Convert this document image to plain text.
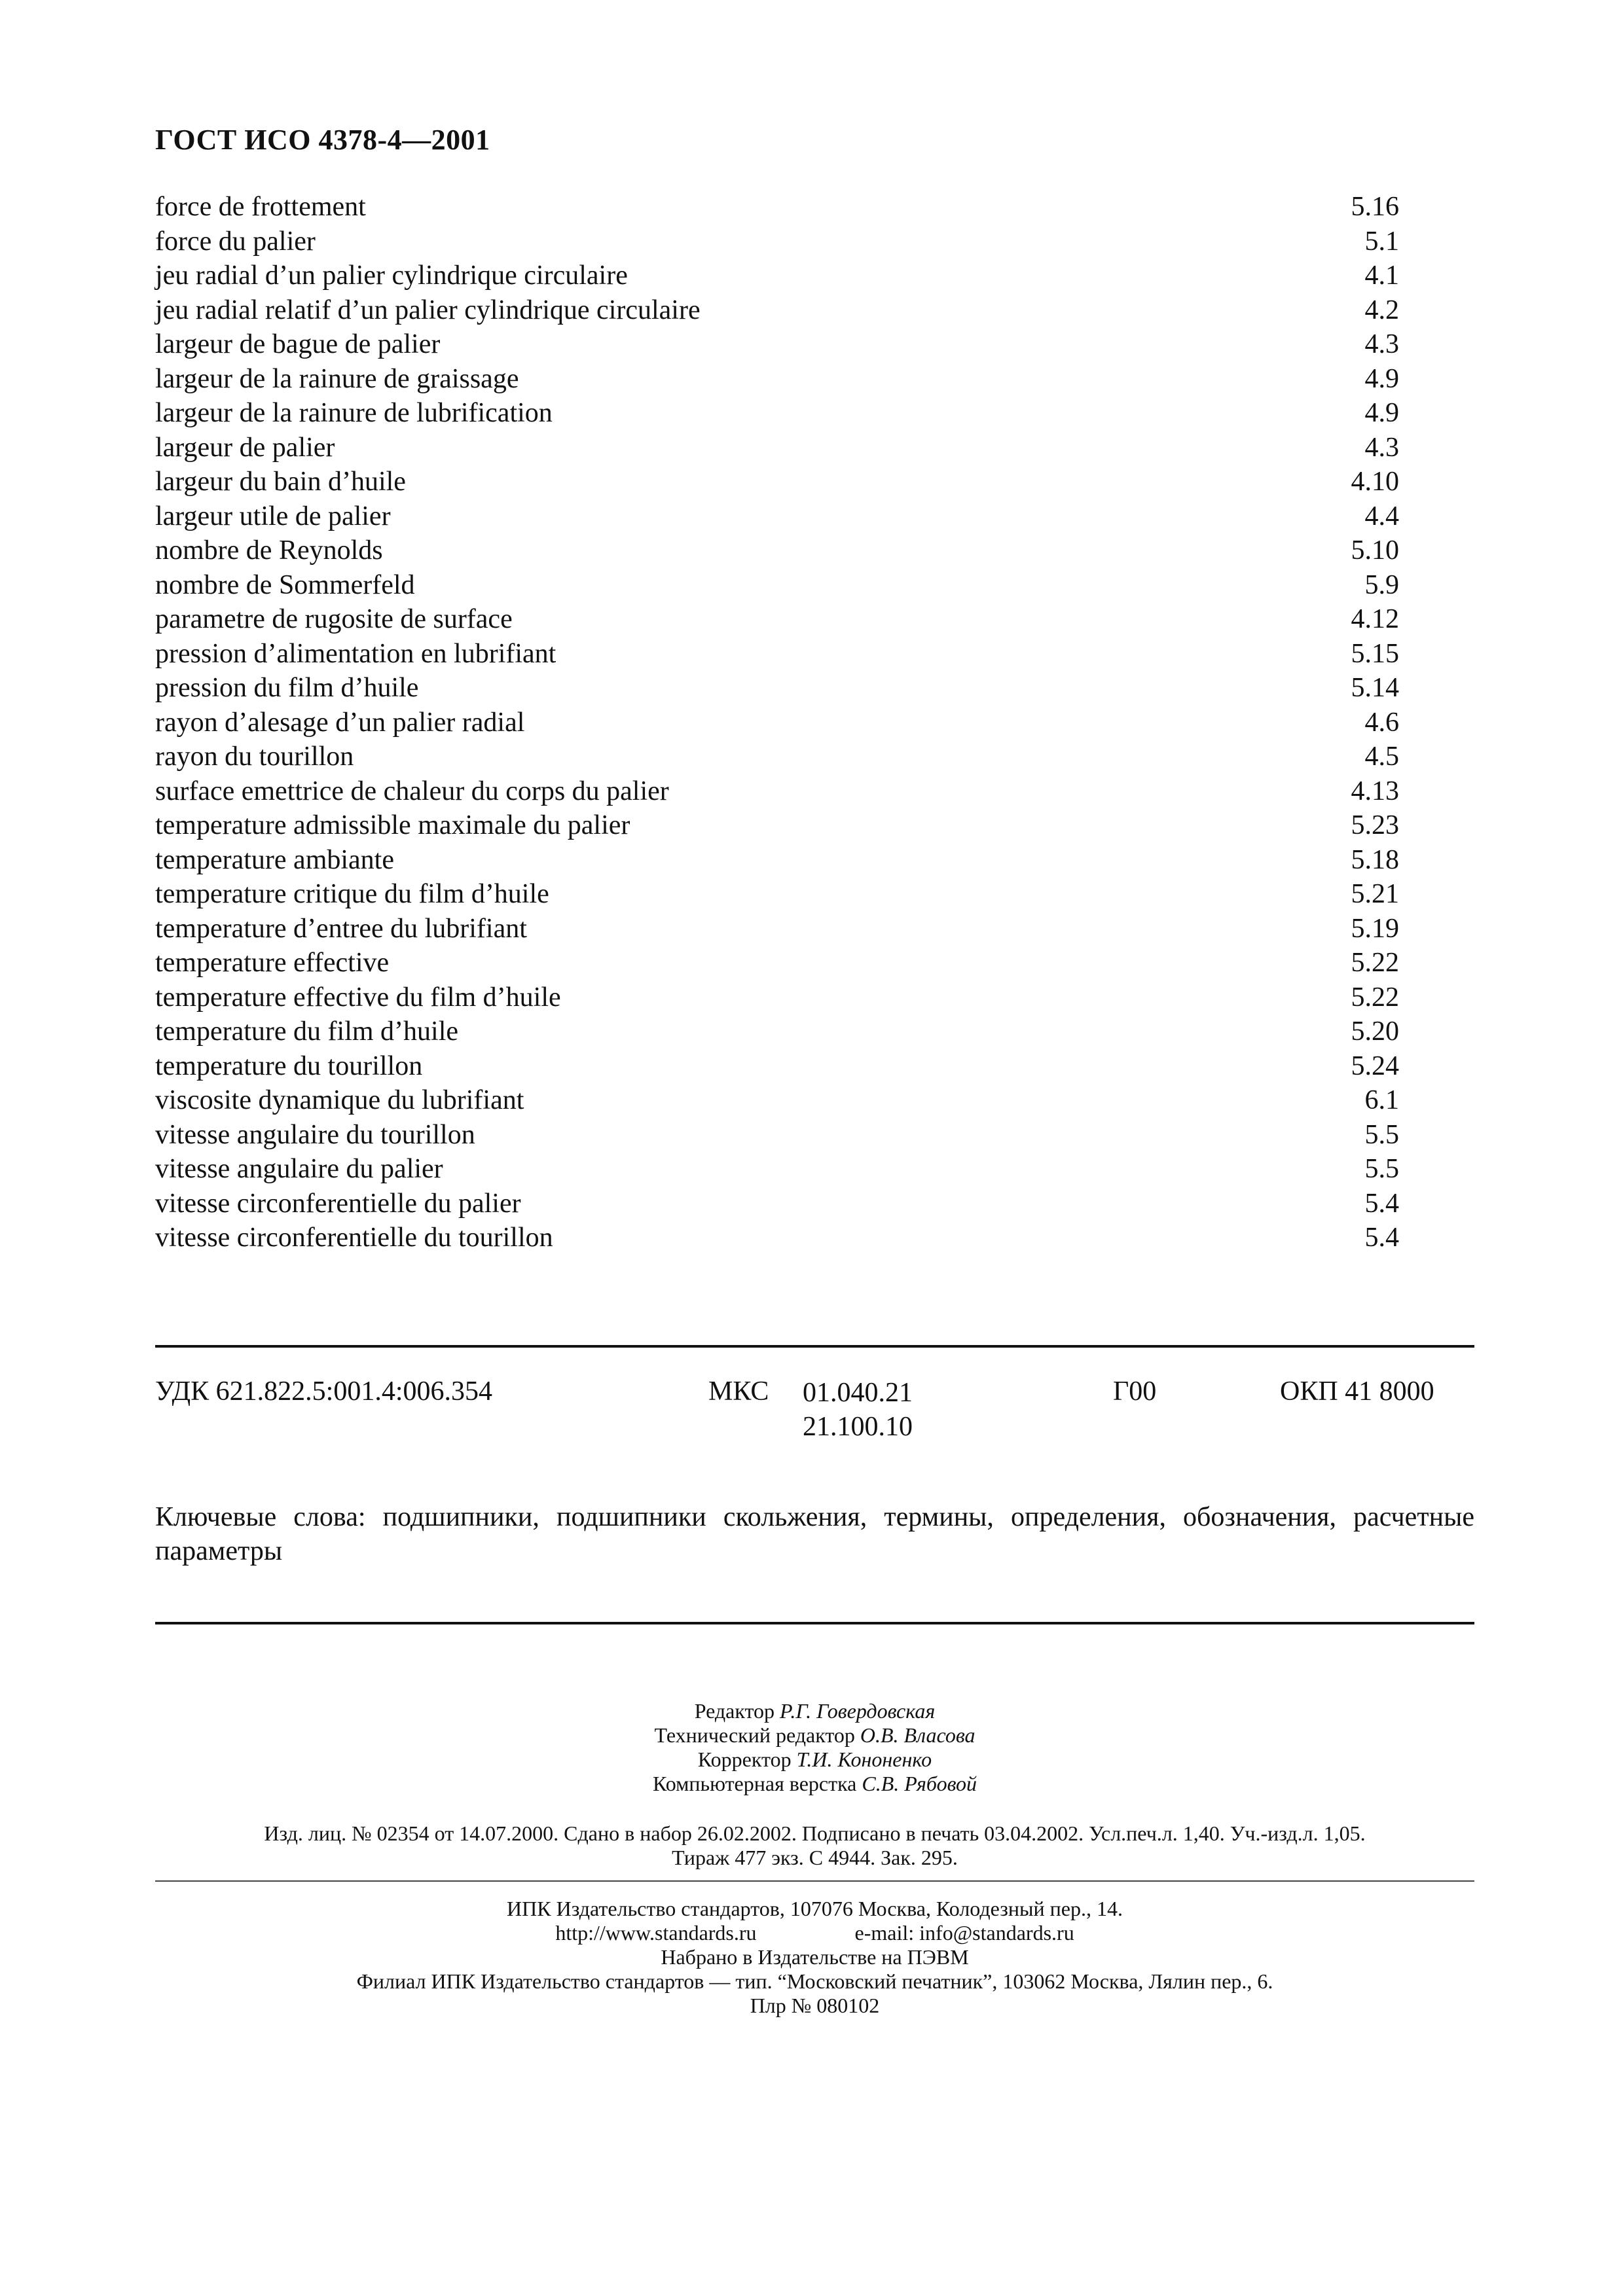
ГОСТ ИСО 4378-4—2001
force de frottement	5.16
force du palier	5.1
jeu radial d’un palier cylindrique circulaire	4.1
jeu radial relatif d’un palier cylindrique circulaire	4.2
largeur de bague de palier	4.3
largeur de la rainure de graissage	4.9
largeur de la rainure de lubrification	4.9
largeur de palier	4.3
largeur du bain d’huile	4.10
largeur utile de palier	4.4
nombre de Reynolds	5.10
nombre de Sommerfeld	5.9
parametre de rugosite de surface	4.12
pression d’alimentation en lubrifiant	5.15
pression du film d’huile	5.14
rayon d’alesage d’un palier radial	4.6
rayon du tourillon	4.5
surface emettrice de chaleur du corps du palier	4.13
temperature admissible maximale du palier	5.23
temperature ambiante	5.18
temperature critique du film d’huile	5.21
temperature d’entree du lubrifiant	5.19
temperature effective	5.22
temperature effective du film d’huile	5.22
temperature du film d’huile	5.20
temperature du tourillon	5.24
viscosite dynamique du lubrifiant	6.1
vitesse angulaire du tourillon	5.5
vitesse angulaire du palier	5.5
vitesse circonferentielle du palier	5.4
vitesse circonferentielle du tourillon	5.4
УДК 621.822.5:001.4:006.354	МКС 01.040.21
21.100.10
Г00	ОКП 41 8000
Ключевые слова: подшипники, подшипники скольжения, термины, определения, обозначения, расчетные параметры
Редактор Р.Г. Говердовская
Технический редактор О.В. Власова
Корректор Т.И. Кононенко
Компьютерная верстка С.В. Рябовой
Изд. лиц. № 02354 от 14.07.2000. Сдано в набор 26.02.2002. Подписано в печать 03.04.2002. Усл.печ.л. 1,40. Уч.-изд.л. 1,05.
Тираж 477 экз. С 4944. Зак. 295.
ИПК Издательство стандартов, 107076 Москва, Колодезный пер., 14.
http://www.standards.ru	e-mail: info@standards.ru
Набрано в Издательстве на ПЭВМ
Филиал ИПК Издательство стандартов — тип. “Московский печатник”, 103062 Москва, Лялин пер., 6.
Плр № 080102
